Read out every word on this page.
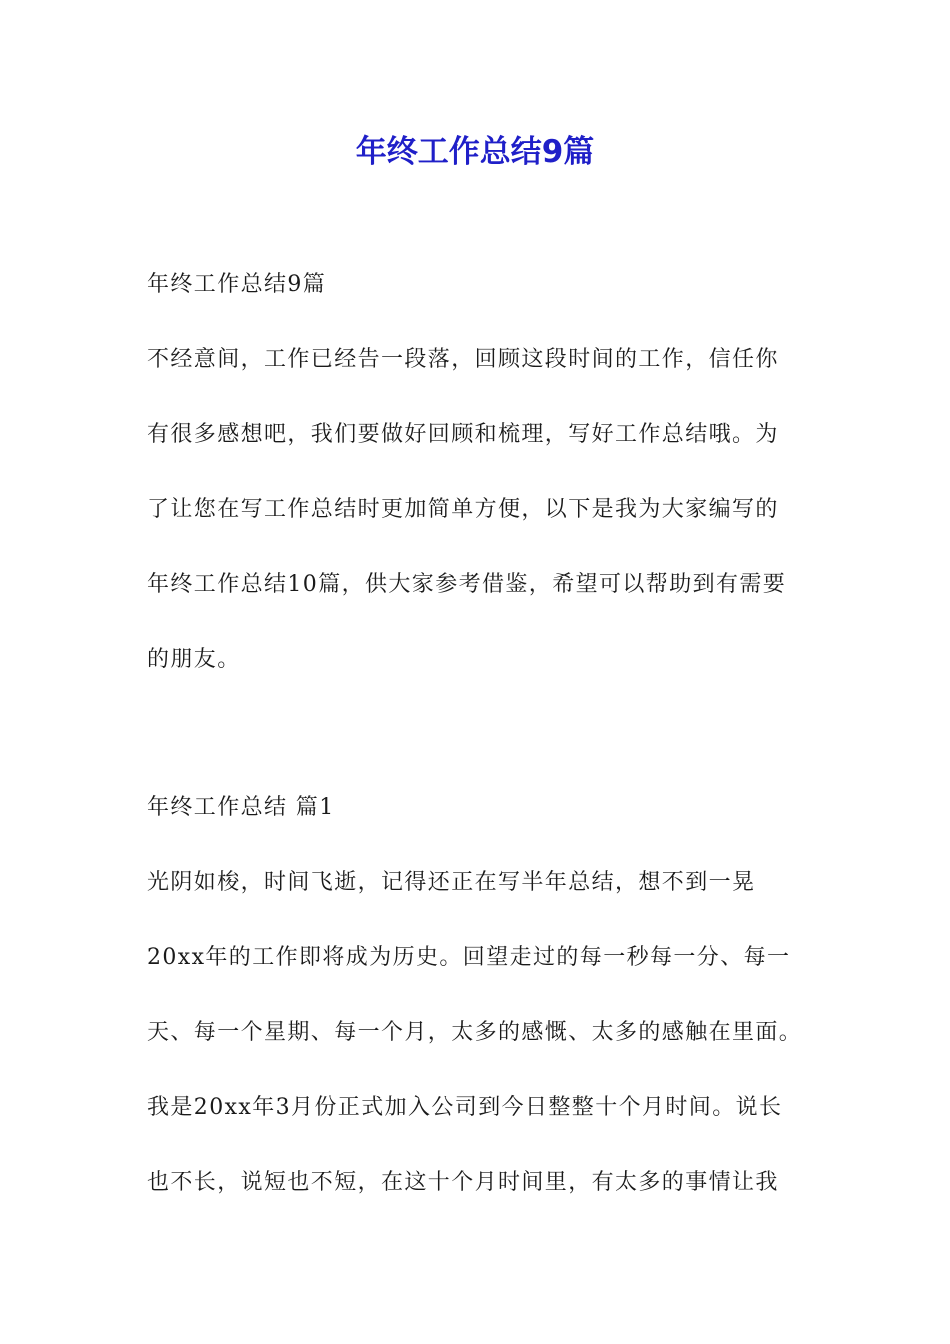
年终工作总结9篇

年终工作总结9篇

不经意间，工作已经告一段落，回顾这段时间的工作，信任你

有很多感想吧，我们要做好回顾和梳理，写好工作总结哦。为

了让您在写工作总结时更加简单方便，以下是我为大家编写的

年终工作总结10篇，供大家参考借鉴，希望可以帮助到有需要

的朋友。

年终工作总结 篇1

光阴如梭，时间飞逝，记得还正在写半年总结，想不到一晃

20xx年的工作即将成为历史。回望走过的每一秒每一分、每一

天、每一个星期、每一个月，太多的感慨、太多的感触在里面。

我是20xx年3月份正式加入公司到今日整整十个月时间。说长

也不长，说短也不短，在这十个月时间里，有太多的事情让我
